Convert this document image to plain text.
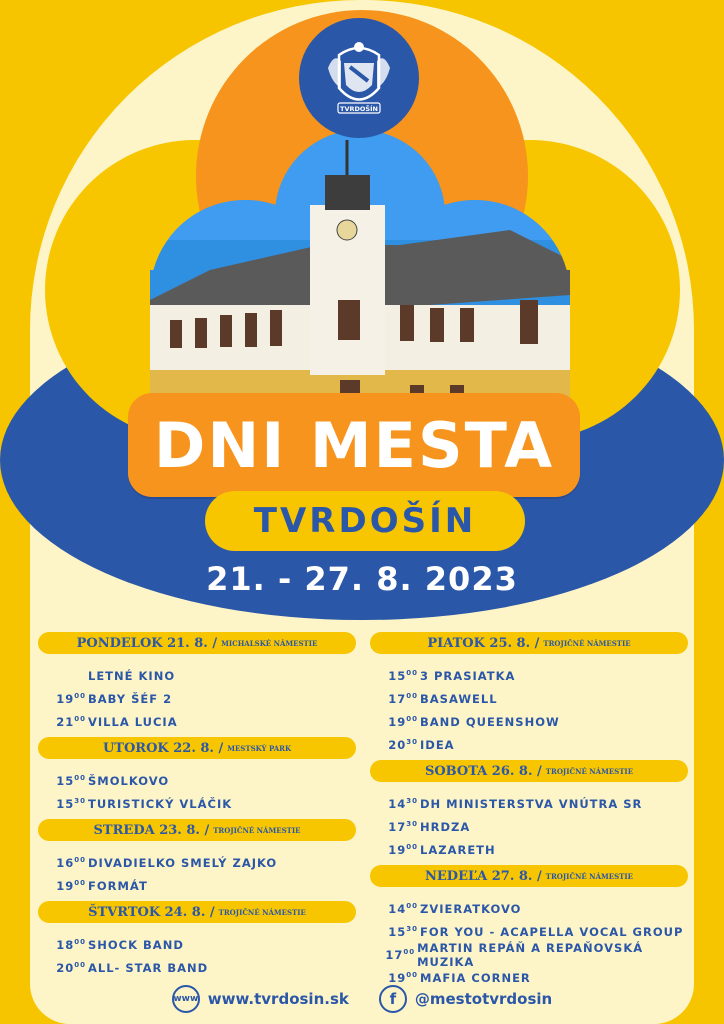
TVRDOŠÍN
DNI MESTA
TVRDOŠÍN
21. - 27. 8. 2023
PONDELOK 21. 8. / MICHALSKÉ NÁMESTIE
LETNÉ KINO
$19^{00}$ BABY ŠÉF 2
$21^{00}$ VILLA LUCIA
UTOROK 22. 8. / MESTSKÝ PARK
$15^{00}$ ŠMOLKOVO
$15^{30}$ TURISTICKÝ VLÁČIK
STREDA 23. 8. / TROJIČNÉ NÁMESTIE
$16^{00}$ DIVADIELKO SMELÝ ZAJKO
$19^{00}$ FORMÁT
ŠTVRTOK 24. 8. / TROJIČNÉ NÁMESTIE
$18^{00}$ SHOCK BAND
$20^{00}$ ALL- STAR BAND
PIATOK 25. 8. / TROJIČNÉ NÁMESTIE
$15^{00}$ 3 PRASIATKA
$17^{00}$ BASAWELL
$19^{00}$ BAND QUEENSHOW
$20^{30}$ IDEA
SOBOTA 26. 8. / TROJIČNÉ NÁMESTIE
$14^{30}$ DH MINISTERSTVA VNÚTRA SR
$17^{30}$ HRDZA
$19^{00}$ LAZARETH
NEDEĽA 27. 8. / TROJIČNÉ NÁMESTIE
$14^{00}$ ZVIERATKOVO
$15^{30}$ FOR YOU - ACAPELLA VOCAL GROUP
$17^{00}$ MARTIN REPÁŇ A REPAŇOVSKÁ MUZIKA
$19^{00}$ MAFIA CORNER
www www.tvrdosin.sk	f	@mestotvrdosin
